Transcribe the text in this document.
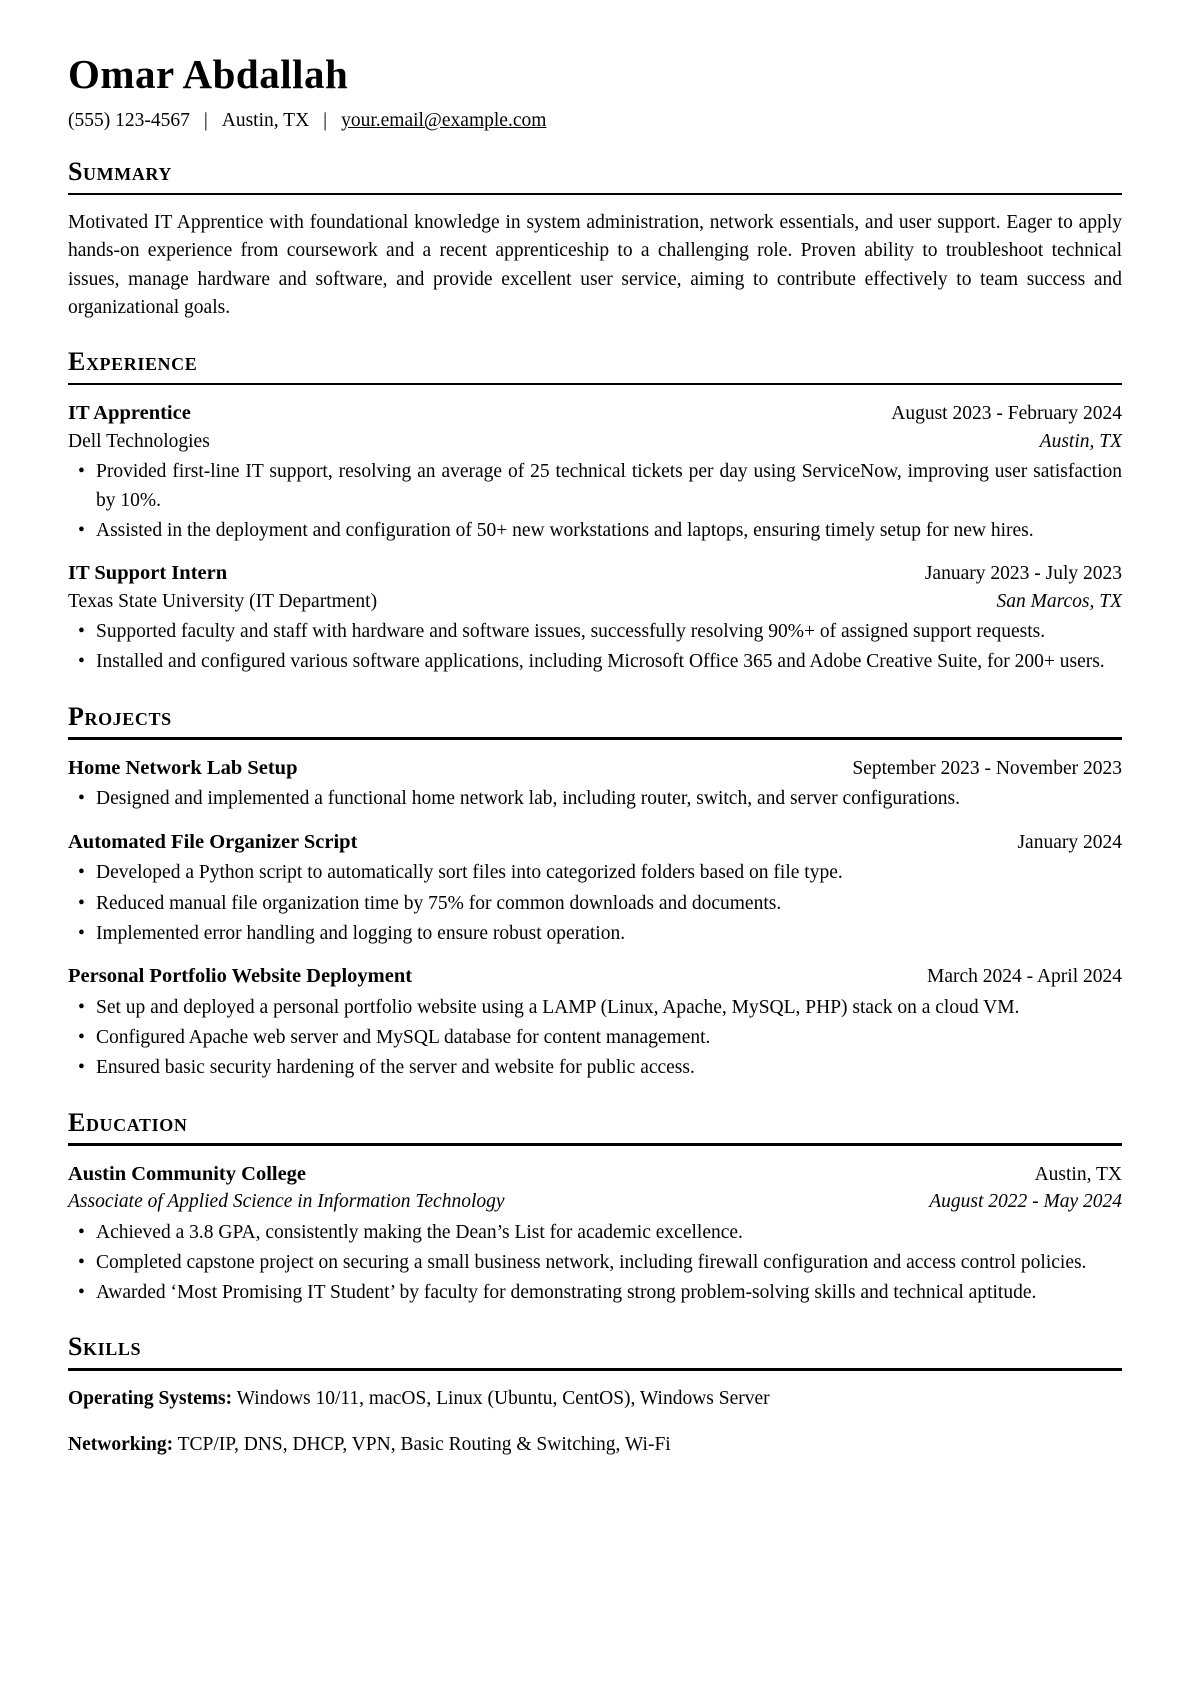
Omar Abdallah
(555) 123-4567 | Austin, TX | your.email@example.com
Summary

Motivated IT Apprentice with foundational knowledge in system administration, network essentials, and user support. Eager to apply hands-on experience from coursework and a recent apprenticeship to a challenging role. Proven ability to troubleshoot technical issues, manage hardware and software, and provide excellent user service, aiming to contribute effectively to team success and organizational goals.

Experience
IT Apprentice	August 2023 - February 2024
Dell Technologies	Austin, TX
• Provided first-line IT support, resolving an average of 25 technical tickets per day using ServiceNow, improving user satisfaction by 10%.
• Assisted in the deployment and configuration of 50+ new workstations and laptops, ensuring timely setup for new hires.
IT Support Intern	January 2023 - July 2023
Texas State University (IT Department)	San Marcos, TX
• Supported faculty and staff with hardware and software issues, successfully resolving 90%+ of assigned support requests.
• Installed and configured various software applications, including Microsoft Office 365 and Adobe Creative Suite, for 200+ users.
Projects
Home Network Lab Setup	September 2023 - November 2023
• Designed and implemented a functional home network lab, including router, switch, and server configurations.
Automated File Organizer Script	January 2024
• Developed a Python script to automatically sort files into categorized folders based on file type.
• Reduced manual file organization time by 75% for common downloads and documents.
• Implemented error handling and logging to ensure robust operation.
Personal Portfolio Website Deployment	March 2024 - April 2024
• Set up and deployed a personal portfolio website using a LAMP (Linux, Apache, MySQL, PHP) stack on a cloud VM.
• Configured Apache web server and MySQL database for content management.
• Ensured basic security hardening of the server and website for public access.
Education
Austin Community College	Austin, TX
Associate of Applied Science in Information Technology	August 2022 - May 2024
• Achieved a 3.8 GPA, consistently making the Dean’s List for academic excellence.
• Completed capstone project on securing a small business network, including firewall configuration and access control policies.
• Awarded ‘Most Promising IT Student’ by faculty for demonstrating strong problem-solving skills and technical aptitude.
Skills

Operating Systems: Windows 10/11, macOS, Linux (Ubuntu, CentOS), Windows Server

Networking: TCP/IP, DNS, DHCP, VPN, Basic Routing & Switching, Wi-Fi
